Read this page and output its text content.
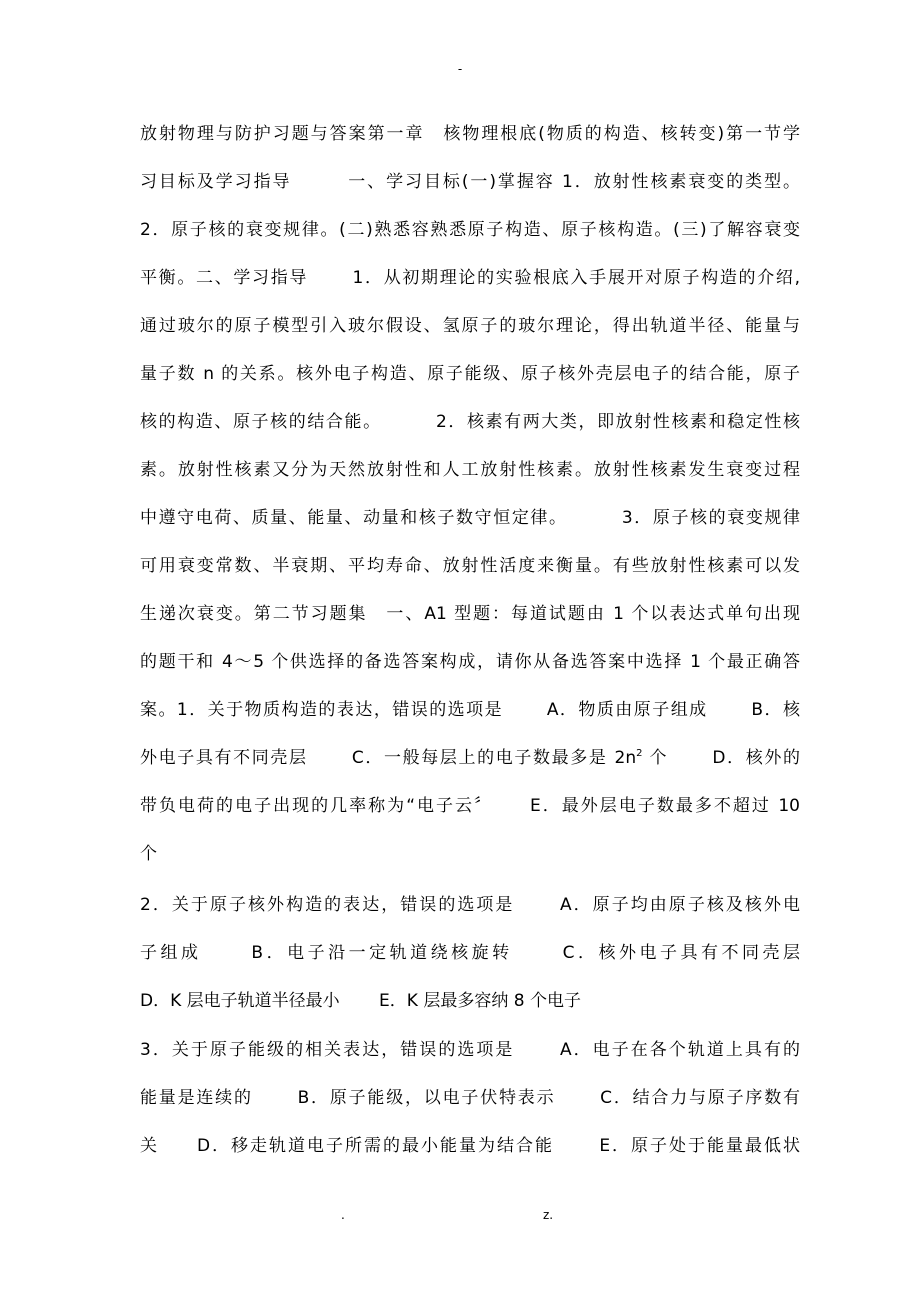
-
放射物理与防护习题与答案第一章　核物理根底(物质的构造、核转变)第一节学
习目标及学习指导　　　一、学习目标(一)掌握容 1．放射性核素衰变的类型。
2．原子核的衰变规律。(二)熟悉容熟悉原子构造、原子核构造。(三)了解容衰变
平衡。二、学习指导　　 1．从初期理论的实验根底入手展开对原子构造的介绍,
通过玻尔的原子模型引入玻尔假设、氢原子的玻尔理论，得出轨道半径、能量与
量子数 n 的关系。核外电子构造、原子能级、原子核外壳层电子的结合能，原子
核的构造、原子核的结合能。　　　 2．核素有两大类，即放射性核素和稳定性核
素。放射性核素又分为天然放射性和人工放射性核素。放射性核素发生衰变过程
中遵守电荷、质量、能量、动量和核子数守恒定律。　　　 3．原子核的衰变规律
可用衰变常数、半衰期、平均寿命、放射性活度来衡量。有些放射性核素可以发
生递次衰变。第二节习题集　一、A1 型题：每道试题由 1 个以表达式单句出现
的题干和 4～5 个供选择的备选答案构成，请你从备选答案中选择 1 个最正确答
案。1．关于物质构造的表达，错误的选项是　　 A．物质由原子组成　　 B．核
外电子具有不同壳层　　 C．一般每层上的电子数最多是 $2n^2$ 个　　 D．核外的
带负电荷的电子出现的几率称为“电子云〞　　 E．最外层电子数最多不超过 10
个
2．关于原子核外构造的表达，错误的选项是　　 A．原子均由原子核及核外电
子组成　　 B．电子沿一定轨道绕核旋转　　 C．核外电子具有不同壳层
D．K 层电子轨道半径最小　　 E．K 层最多容纳 8 个电子
3．关于原子能级的相关表达，错误的选项是　　 A．电子在各个轨道上具有的
能量是连续的　　 B．原子能级，以电子伏特表示　　 C．结合力与原子序数有
关　　D．移走轨道电子所需的最小能量为结合能　　 E．原子处于能量最低状
.	z.
